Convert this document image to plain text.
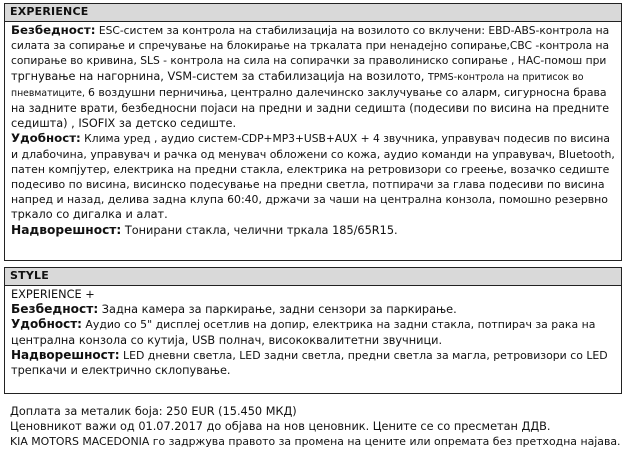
EXPERIENCE
Безбедност: ESC-систем за контрола на стабилизација на возилото со вклучени: EBD-ABS-контрола на
силата за сопирање и спречување на блокирање на тркалата при ненадејно сопирање,CBC -контрола на
сопирање во кривина, SLS - контрола на сила на сопирачки за праволиниско сопирање , HAC-помош при
тргнување на нагорнина, VSM-систем за стабилизација на возилото, TPMS-контрола на притисок во
пневматиците, 6 воздушни перничиња, централно далечинско заклучување со аларм, сигурносна брава
на задните врати, безбедносни појаси на предни и задни седишта (подесиви по висина на предните
седишта) , ISOFIX за детско седиште.
Удобност: Клима уред , аудио систем-CDP+MP3+USB+AUX + 4 звучника, управувач подесив по висина
и длабочина, управувач и рачка од менувач обложени со кожа, аудио команди на управувач, Bluetooth,
патен компјутер, електрика на предни стакла, електрика на ретровизори со греење, возачко седиште
подесиво по висина, висинско подесување на предни светла, потпирачи за глава подесиви по висина
напред и назад, делива задна клупа 60:40, држачи за чаши на централна конзола, помошно резервно
тркало со дигалка и алат.
Надворешност: Тонирани стакла, челични тркала 185/65R15.
STYLE
EXPERIENCE +
Безбедност: Задна камера за паркирање, задни сензори за паркирање.
Удобност: Аудио со 5" дисплеј осетлив на допир, електрика на задни стакла, потпирач за рака на
централна конзола со кутија, USB полнач, висококвалитетни звучници.
Надворешност: LED дневни светла, LED задни светла, предни светла за магла, ретровизори со LED
трепкачи и електрично склопување.
Доплата за металик боја: 250 EUR (15.450 МКД)
Ценовникот важи од 01.07.2017 до објава на нов ценовник. Цените се со пресметан ДДВ.
KIA MOTORS MACEDONIA го задржува правото за промена на цените или опремата без претходна најава.
